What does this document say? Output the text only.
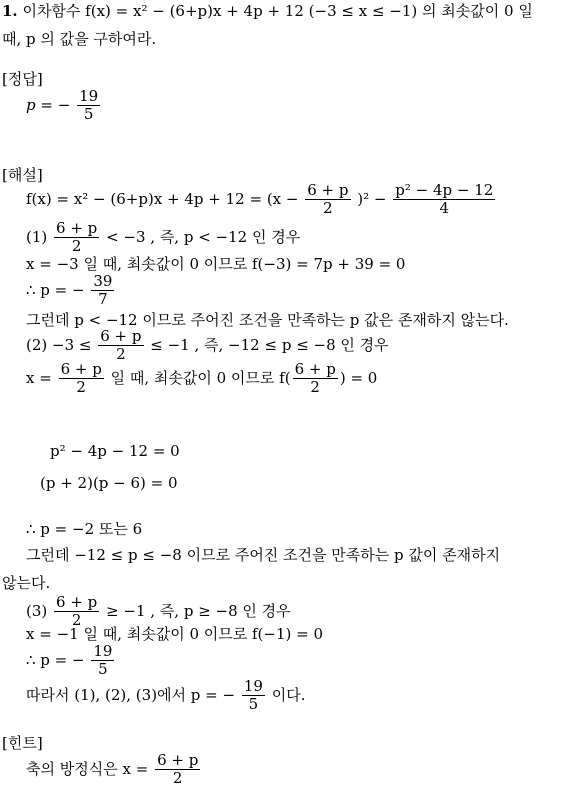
1. 이차함수 f(x) = x² − (6+p)x + 4p + 12 (−3 ≤ x ≤ −1) 의 최솟값이 0 일
때, p 의 값을 구하여라.
[정답]
p = − $\frac{19}{5}$
[해설]
$f(x) = x^2 - (6+p)x + 4p + 12 = (x - \frac{6 + p}{2} )^2 - \frac{\text{p² − 4p − 12}}{4}$
$(1) \frac{6 + p}{2} < -3$ , 즉, p < −12 인 경우
x = −3 일 때, 최솟값이 0 이므로 f(−3) = 7p + 39 = 0
∴ p = − $\frac{39}{7}$
그런데 p < −12 이므로 주어진 조건을 만족하는 p 값은 존재하지 않는다.
$(2) -3 \le \frac{6 + p}{2} \le -1$ , 즉, −12 ≤ p ≤ −8 인 경우
$x = \frac{6 + p}{2}$ 일 때, 최솟값이 0 이므로 $f( \frac{6 + p}{2}$ ) = 0
p² − 4p − 12 = 0
(p + 2)(p − 6) = 0
∴ p = −2 또는 6
그런데 −12 ≤ p ≤ −8 이므로 주어진 조건을 만족하는 p 값이 존재하지
않는다.
$(3) \frac{6 + p}{2} \ge -1$ , 즉, p ≥ −8 인 경우
x = −1 일 때, 최솟값이 0 이므로 f(−1) = 0
∴ p = − $\frac{19}{5}$
따라서 (1), (2), (3)에서 p = − $\frac{19}{5}$ 이다.
[힌트]
축의 방정식은 $x = \frac{6 + p}{2}$
